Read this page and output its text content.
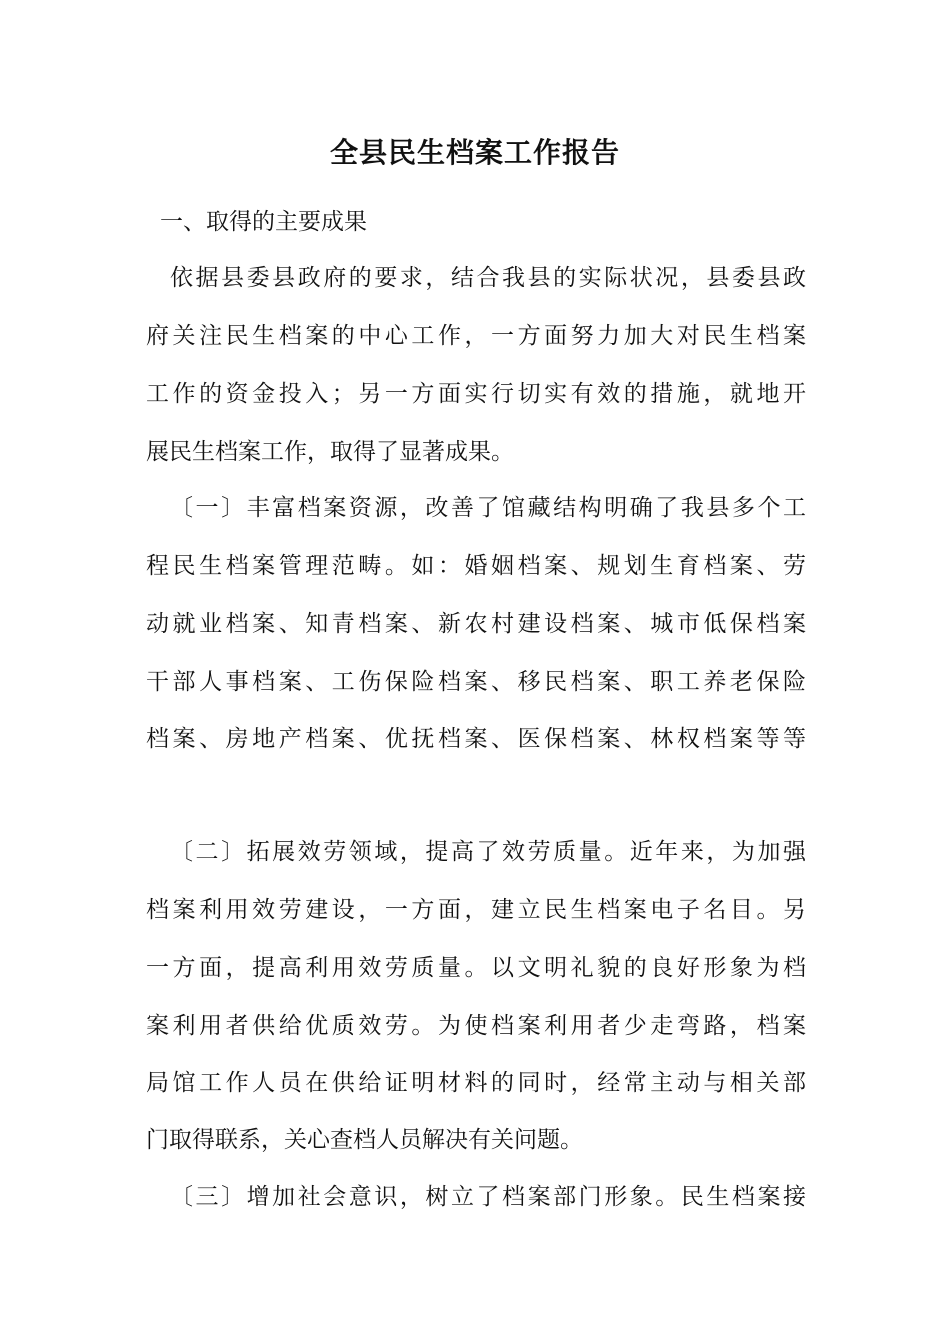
全县民生档案工作报告
一、取得的主要成果
依据县委县政府的要求，结合我县的实际状况，县委县政
府关注民生档案的中心工作，一方面努力加大对民生档案
工作的资金投入；另一方面实行切实有效的措施，就地开
展民生档案工作，取得了显著成果。
〔一〕丰富档案资源，改善了馆藏结构明确了我县多个工
程民生档案管理范畴。如：婚姻档案、规划生育档案、劳
动就业档案、知青档案、新农村建设档案、城市低保档案
干部人事档案、工伤保险档案、移民档案、职工养老保险
档案、房地产档案、优抚档案、医保档案、林权档案等等
〔二〕拓展效劳领域，提高了效劳质量。近年来，为加强
档案利用效劳建设，一方面，建立民生档案电子名目。另
一方面，提高利用效劳质量。以文明礼貌的良好形象为档
案利用者供给优质效劳。为使档案利用者少走弯路，档案
局馆工作人员在供给证明材料的同时，经常主动与相关部
门取得联系，关心查档人员解决有关问题。
〔三〕增加社会意识，树立了档案部门形象。民生档案接
